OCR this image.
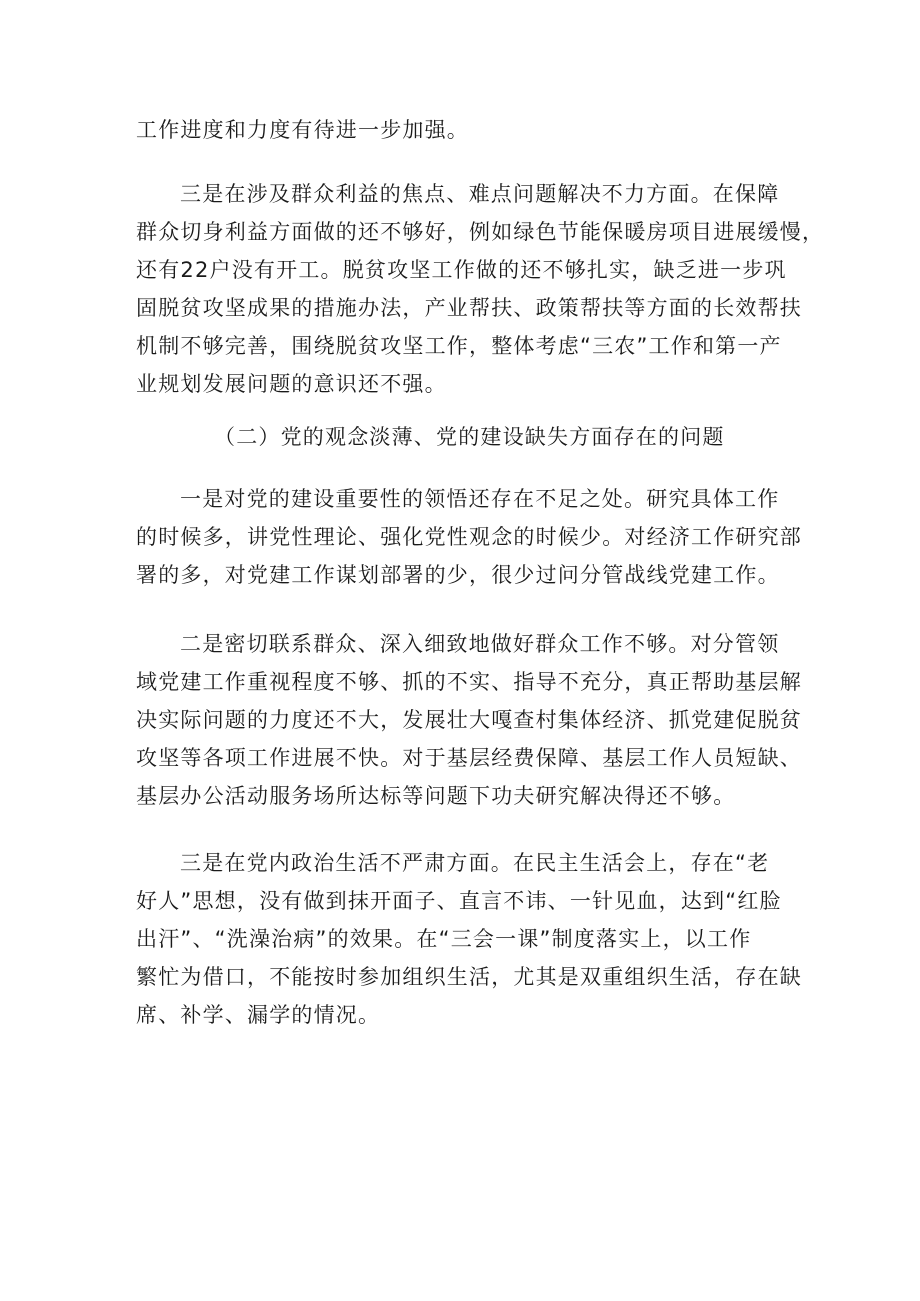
工作进度和力度有待进一步加强。

三是在涉及群众利益的焦点、难点问题解决不力方面。在保障

群众切身利益方面做的还不够好，例如绿色节能保暖房项目进展缓慢，

还有22户没有开工。脱贫攻坚工作做的还不够扎实，缺乏进一步巩

固脱贫攻坚成果的措施办法，产业帮扶、政策帮扶等方面的长效帮扶

机制不够完善，围绕脱贫攻坚工作，整体考虑“三农”工作和第一产

业规划发展问题的意识还不强。

（二）党的观念淡薄、党的建设缺失方面存在的问题

一是对党的建设重要性的领悟还存在不足之处。研究具体工作

的时候多，讲党性理论、强化党性观念的时候少。对经济工作研究部

署的多，对党建工作谋划部署的少，很少过问分管战线党建工作。

二是密切联系群众、深入细致地做好群众工作不够。对分管领

域党建工作重视程度不够、抓的不实、指导不充分，真正帮助基层解

决实际问题的力度还不大，发展壮大嘎查村集体经济、抓党建促脱贫

攻坚等各项工作进展不快。对于基层经费保障、基层工作人员短缺、

基层办公活动服务场所达标等问题下功夫研究解决得还不够。

三是在党内政治生活不严肃方面。在民主生活会上，存在“老

好人”思想，没有做到抹开面子、直言不讳、一针见血，达到“红脸

出汗”、“洗澡治病”的效果。在“三会一课”制度落实上，以工作

繁忙为借口，不能按时参加组织生活，尤其是双重组织生活，存在缺

席、补学、漏学的情况。
